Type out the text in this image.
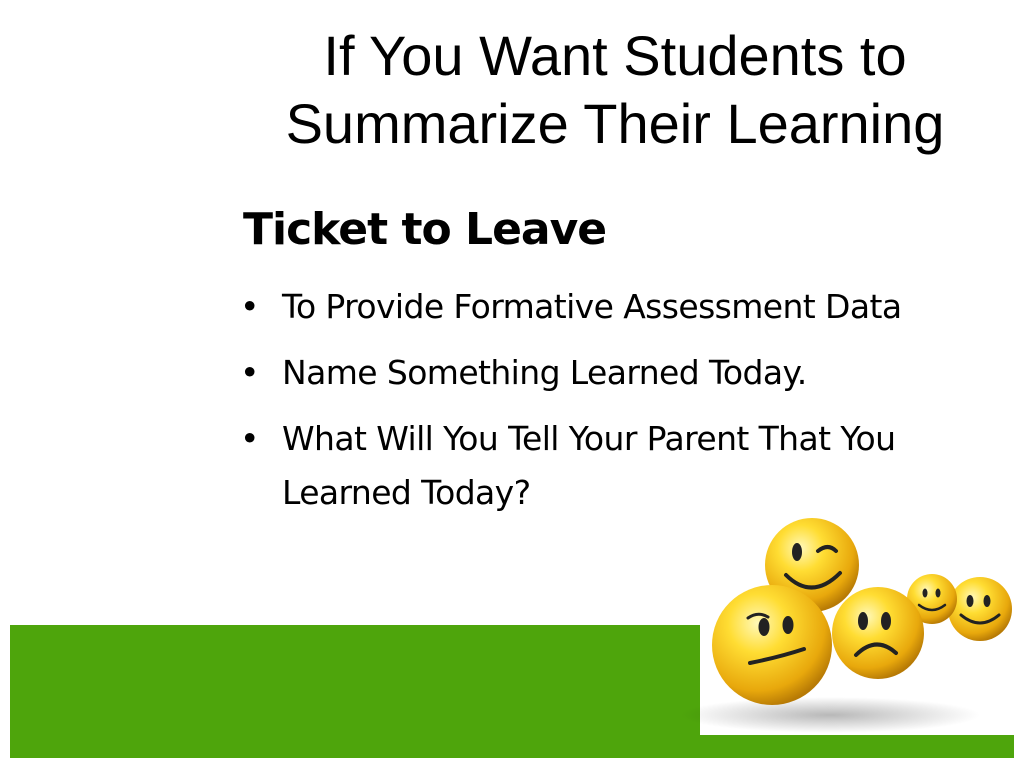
If You Want Students to
Summarize Their Learning
Ticket to Leave
• To Provide Formative Assessment Data
• Name Something Learned Today.
• What Will You Tell Your Parent That You Learned Today?
